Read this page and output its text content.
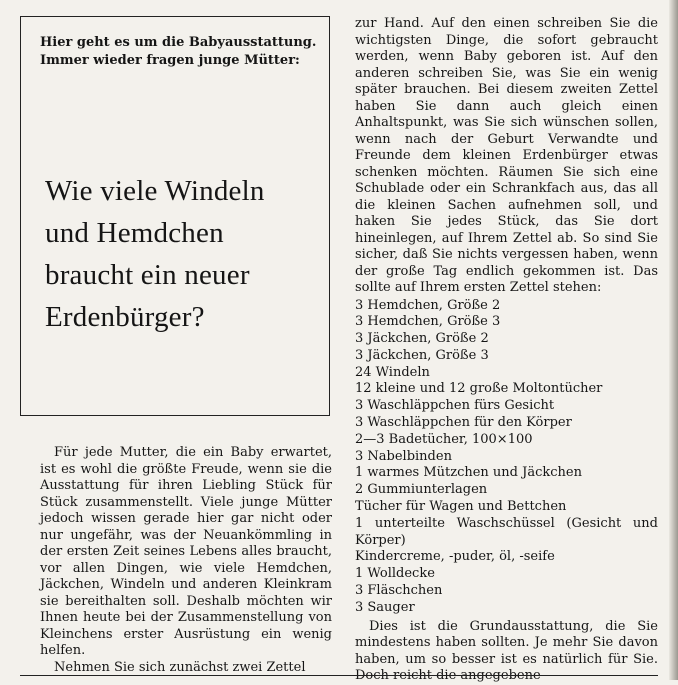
Hier geht es um die Babyausstattung.
Immer wieder fragen junge Mütter:
Wie viele Windeln
und Hemdchen
braucht ein neuer
Erdenbürger?

Für jede Mutter, die ein Baby erwartet, ist es wohl die größte Freude, wenn sie die Ausstattung für ihren Liebling Stück für Stück zusammenstellt. Viele junge Mütter jedoch wissen gerade hier gar nicht oder nur ungefähr, was der Neuankömmling in der ersten Zeit seines Lebens alles braucht, vor allen Dingen, wie viele Hemdchen, Jäckchen, Windeln und anderen Kleinkram sie bereithalten soll. Deshalb möchten wir Ihnen heute bei der Zusammenstellung von Kleinchens erster Ausrüstung ein wenig helfen.

Nehmen Sie sich zunächst zwei Zettel

zur Hand. Auf den einen schreiben Sie die wichtigsten Dinge, die sofort gebraucht werden, wenn Baby geboren ist. Auf den anderen schreiben Sie, was Sie ein wenig später brauchen. Bei diesem zweiten Zettel haben Sie dann auch gleich einen Anhaltspunkt, was Sie sich wünschen sollen, wenn nach der Geburt Verwandte und Freunde dem kleinen Erdenbürger etwas schenken möchten. Räumen Sie sich eine Schublade oder ein Schrankfach aus, das all die kleinen Sachen aufnehmen soll, und haken Sie jedes Stück, das Sie dort hineinlegen, auf Ihrem Zettel ab. So sind Sie sicher, daß Sie nichts vergessen haben, wenn der große Tag endlich gekommen ist. Das sollte auf Ihrem ersten Zettel stehen:

3 Hemdchen, Größe 2
3 Hemdchen, Größe 3
3 Jäckchen, Größe 2
3 Jäckchen, Größe 3
24 Windeln
12 kleine und 12 große Moltontücher
3 Waschläppchen fürs Gesicht
3 Waschläppchen für den Körper
2—3 Badetücher, 100×100
3 Nabelbinden
1 warmes Mützchen und Jäckchen
2 Gummiunterlagen
Tücher für Wagen und Bettchen
1 unterteilte Waschschüssel (Gesicht und Körper)
Kindercreme, -puder, öl, -seife
1 Wolldecke
3 Fläschchen
3 Sauger

Dies ist die Grundausstattung, die Sie mindestens haben sollten. Je mehr Sie davon haben, um so besser ist es natürlich für Sie. Doch reicht die angegebene
